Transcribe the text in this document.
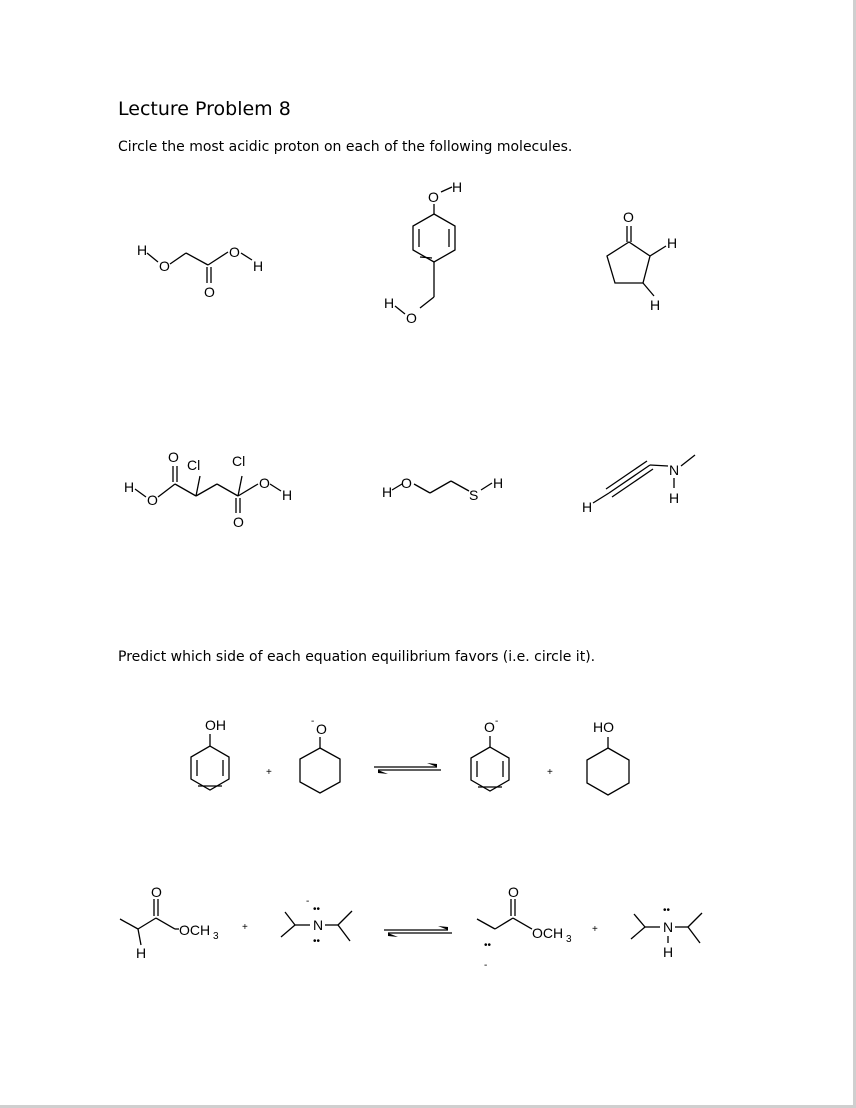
Lecture Problem 8
Circle the most acidic proton on each of the following molecules.
Predict which side of each equation equilibrium favors (i.e. circle it).
H
O
O
O
H
O
H
H
O
O
H
H
H
O
O Cl Cl
O
O
H	H
O
S
H
H
N
H
OH
+
- O	O -
+
HO
H
O
OCH 3
+	N
-
••
••	••
-
O
OCH 3
+	N
••
H
